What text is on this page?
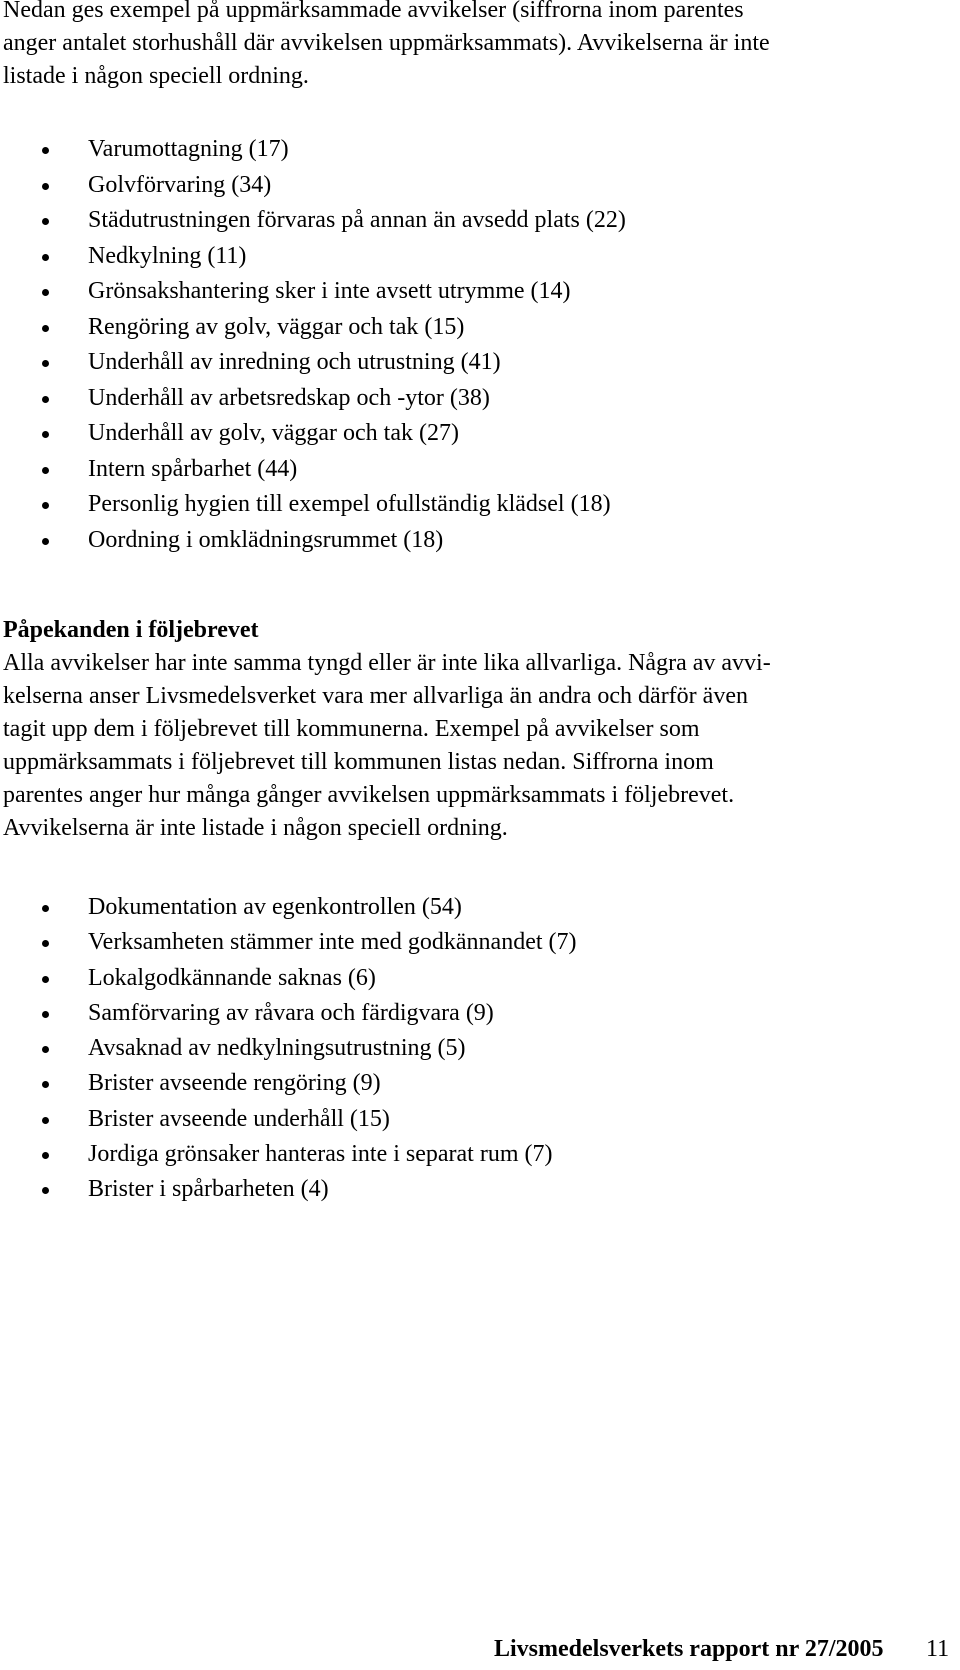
Nedan ges exempel på uppmärksammade avvikelser (siffrorna inom parentes
anger antalet storhushåll där avvikelsen uppmärksammats). Avvikelserna är inte
listade i någon speciell ordning.

Varumottagning (17)
Golvförvaring (34)
Städutrustningen förvaras på annan än avsedd plats (22)
Nedkylning (11)
Grönsakshantering sker i inte avsett utrymme (14)
Rengöring av golv, väggar och tak (15)
Underhåll av inredning och utrustning (41)
Underhåll av arbetsredskap och -ytor (38)
Underhåll av golv, väggar och tak (27)
Intern spårbarhet (44)
Personlig hygien till exempel ofullständig klädsel (18)
Oordning i omklädningsrummet (18)
Påpekanden i följebrevet

Alla avvikelser har inte samma tyngd eller är inte lika allvarliga. Några av avvi-
kelserna anser Livsmedelsverket vara mer allvarliga än andra och därför även
tagit upp dem i följebrevet till kommunerna. Exempel på avvikelser som
uppmärksammats i följebrevet till kommunen listas nedan. Siffrorna inom
parentes anger hur många gånger avvikelsen uppmärksammats i följebrevet.
Avvikelserna är inte listade i någon speciell ordning.

Dokumentation av egenkontrollen (54)
Verksamheten stämmer inte med godkännandet (7)
Lokalgodkännande saknas (6)
Samförvaring av råvara och färdigvara (9)
Avsaknad av nedkylningsutrustning (5)
Brister avseende rengöring (9)
Brister avseende underhåll (15)
Jordiga grönsaker hanteras inte i separat rum (7)
Brister i spårbarheten (4)
Livsmedelsverkets rapport nr 27/2005 11
